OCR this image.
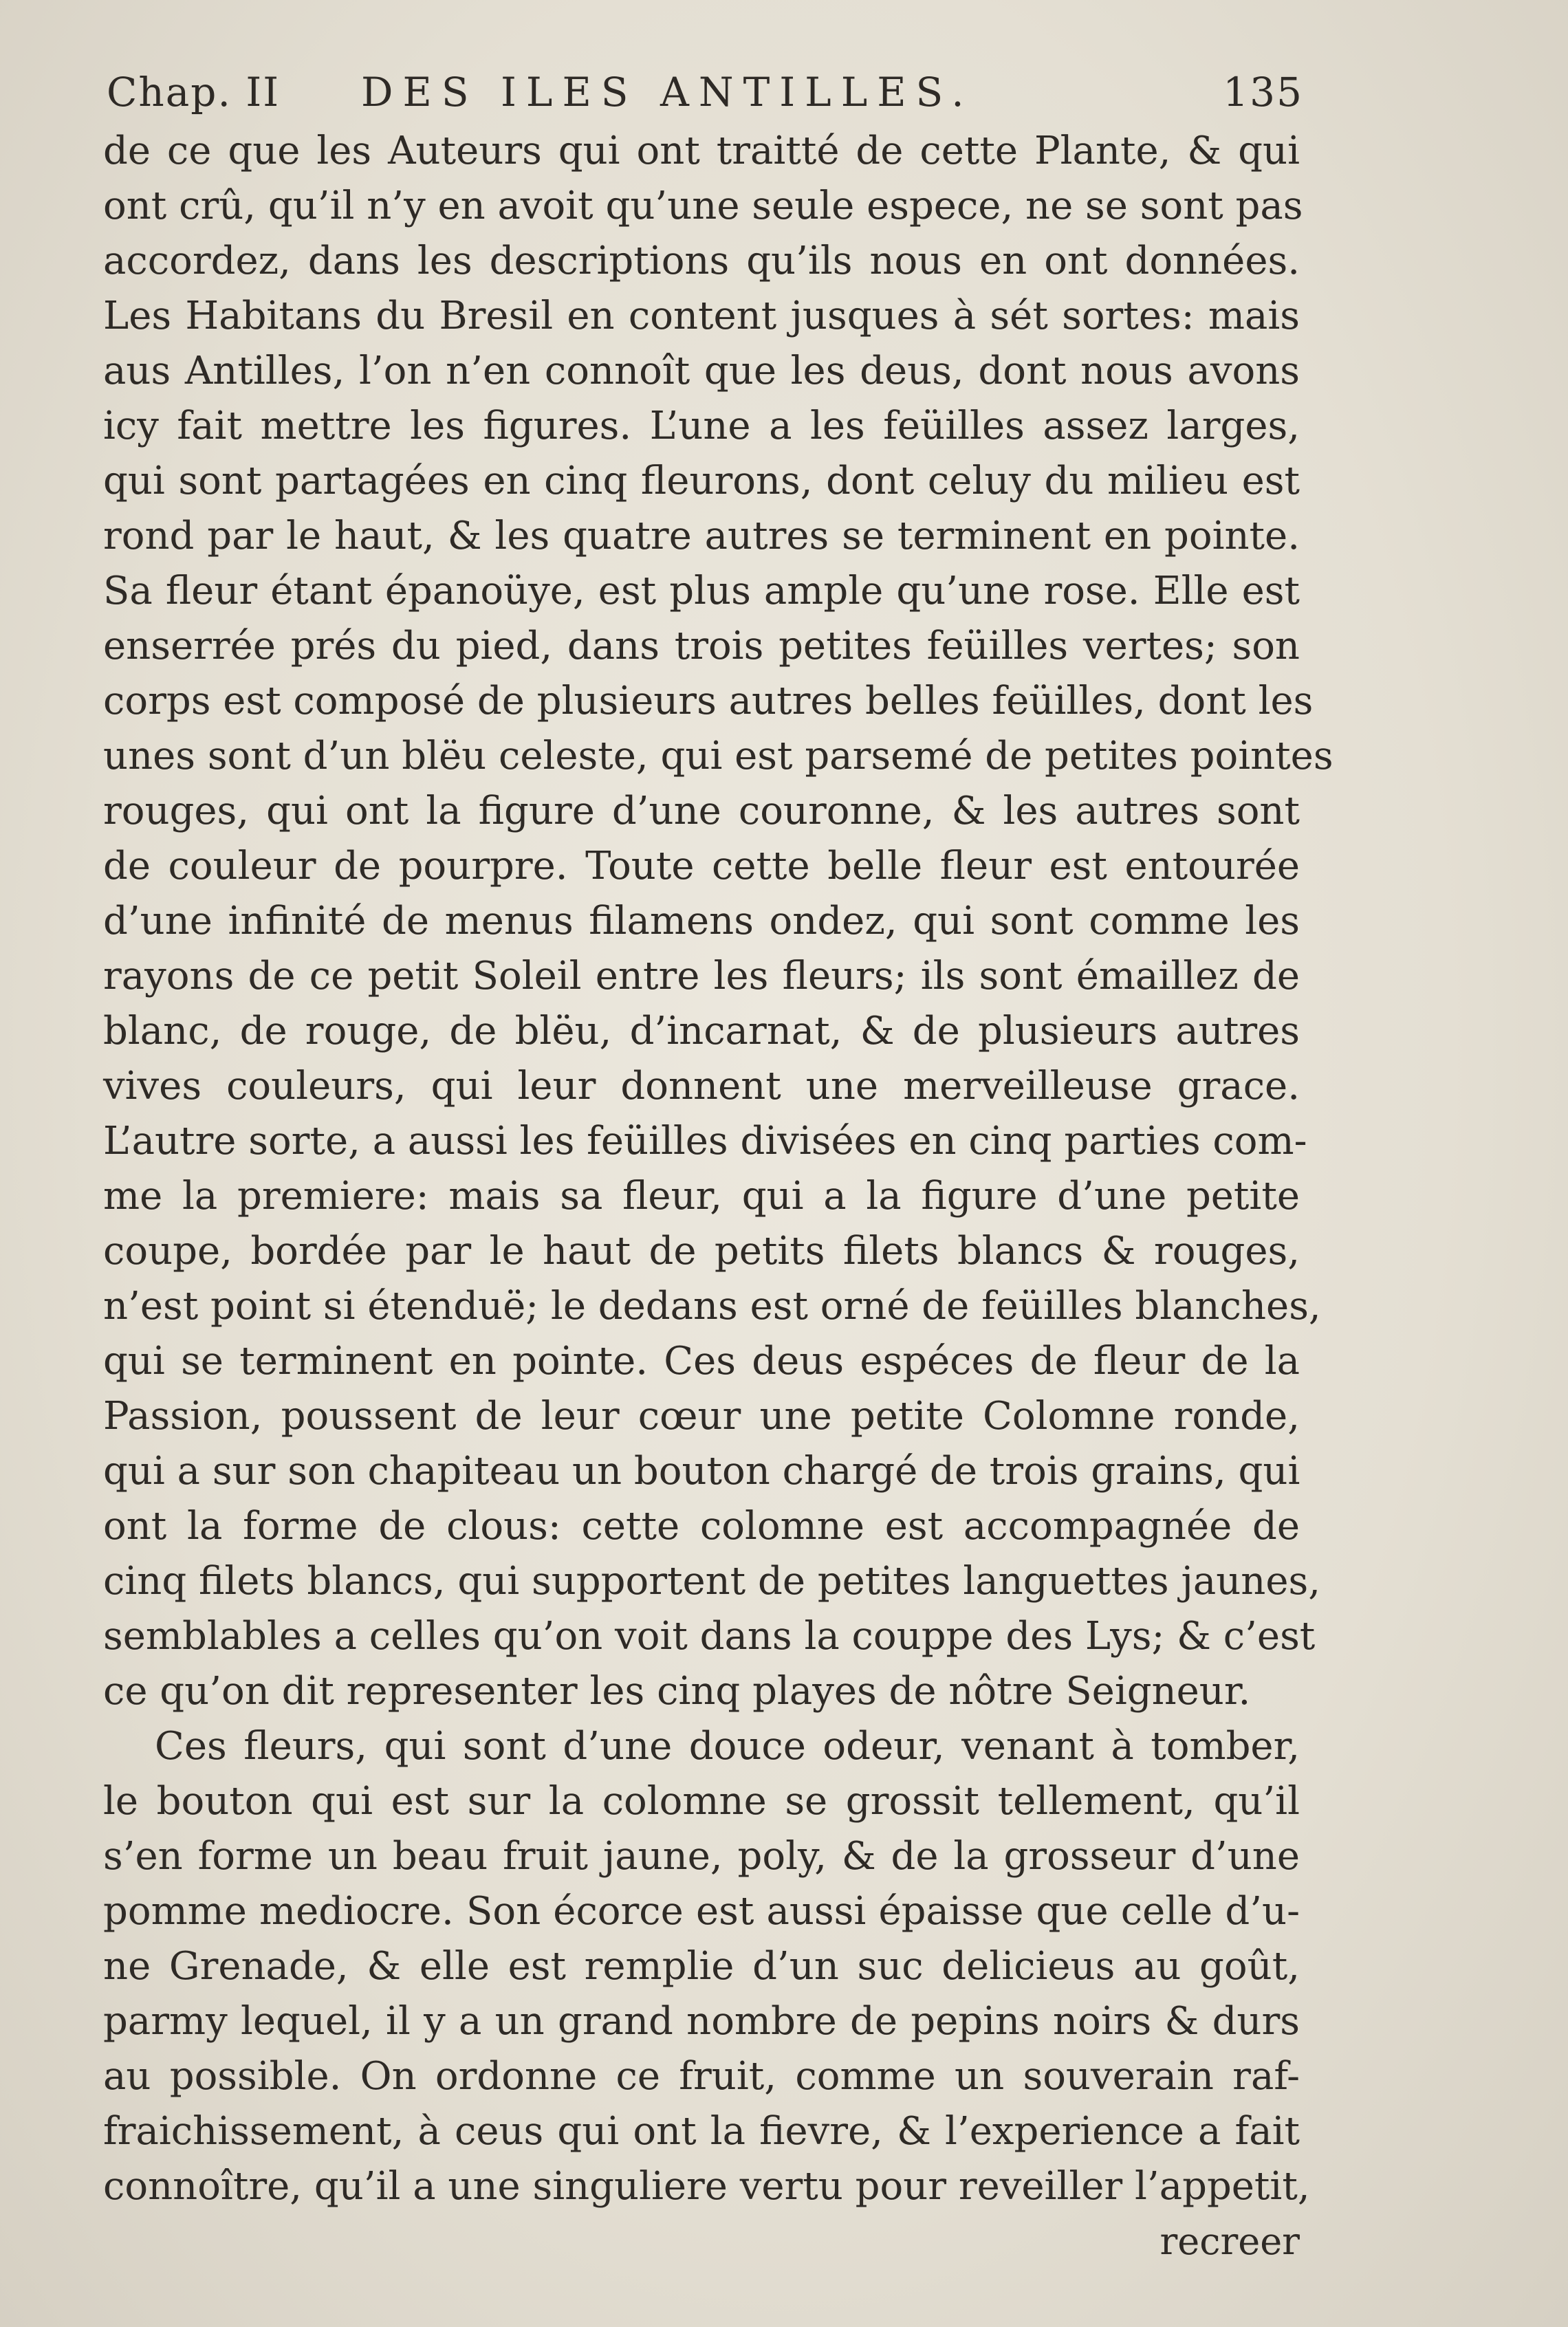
Chap. II DES ILES ANTILLES.	135
de ce que les Auteurs qui ont traitté de cette Plante, & qui
ont crû, qu’il n’y en avoit qu’une seule espece, ne se sont pas
accordez, dans les descriptions qu’ils nous en ont données.
Les Habitans du Bresil en content jusques à sét sortes: mais
aus Antilles, l’on n’en connoît que les deus, dont nous avons
icy fait mettre les figures. L’une a les feüilles assez larges,
qui sont partagées en cinq fleurons, dont celuy du milieu est
rond par le haut, & les quatre autres se terminent en pointe.
Sa fleur étant épanoüye, est plus ample qu’une rose. Elle est
enserrée prés du pied, dans trois petites feüilles vertes; son
corps est composé de plusieurs autres belles feüilles, dont les
unes sont d’un blëu celeste, qui est parsemé de petites pointes
rouges, qui ont la figure d’une couronne, & les autres sont
de couleur de pourpre. Toute cette belle fleur est entourée
d’une infinité de menus filamens ondez, qui sont comme les
rayons de ce petit Soleil entre les fleurs; ils sont émaillez de
blanc, de rouge, de blëu, d’incarnat, & de plusieurs autres
vives couleurs, qui leur donnent une merveilleuse grace.
L’autre sorte, a aussi les feüilles divisées en cinq parties com-
me la premiere: mais sa fleur, qui a la figure d’une petite
coupe, bordée par le haut de petits filets blancs & rouges,
n’est point si étenduë; le dedans est orné de feüilles blanches,
qui se terminent en pointe. Ces deus espéces de fleur de la
Passion, poussent de leur cœur une petite Colomne ronde,
qui a sur son chapiteau un bouton chargé de trois grains, qui
ont la forme de clous: cette colomne est accompagnée de
cinq filets blancs, qui supportent de petites languettes jaunes,
semblables a celles qu’on voit dans la couppe des Lys; & c’est
ce qu’on dit representer les cinq playes de nôtre Seigneur.
Ces fleurs, qui sont d’une douce odeur, venant à tomber,
le bouton qui est sur la colomne se grossit tellement, qu’il
s’en forme un beau fruit jaune, poly, & de la grosseur d’une
pomme mediocre. Son écorce est aussi épaisse que celle d’u-
ne Grenade, & elle est remplie d’un suc delicieus au goût,
parmy lequel, il y a un grand nombre de pepins noirs & durs
au possible. On ordonne ce fruit, comme un souverain raf-
fraichissement, à ceus qui ont la fievre, & l’experience a fait
connoître, qu’il a une singuliere vertu pour reveiller l’appetit,
recreer
